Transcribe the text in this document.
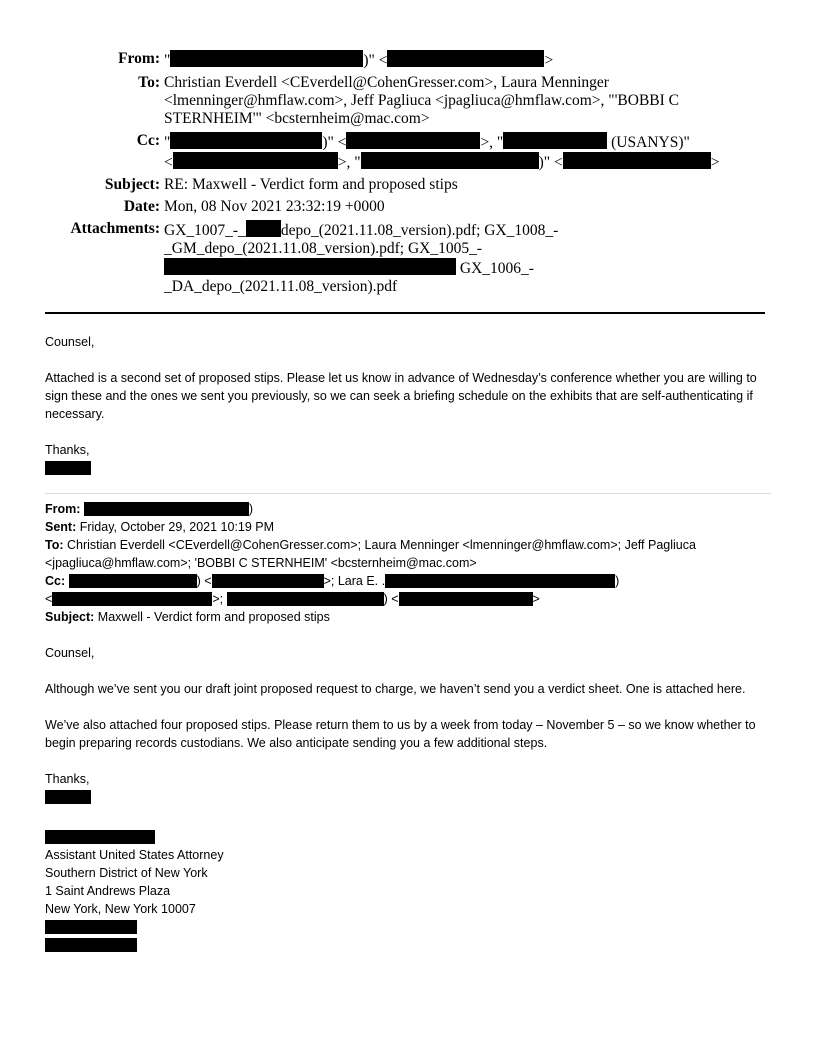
From: "	)" <	>
To: Christian Everdell <CEverdell@CohenGresser.com>, Laura Menninger <lmenninger@hmflaw.com>, Jeff Pagliuca <jpagliuca@hmflaw.com>, "'BOBBI C STERNHEIM'" <bcsternheim@mac.com>
Cc: "	)" <	>, "	(USANYS)"
<	>, "	)" <	>
Subject: RE: Maxwell - Verdict form and proposed stips
Date: Mon, 08 Nov 2021 23:32:19 +0000
Attachments: GX_1007_-_ depo_(2021.11.08_version).pdf; GX_1008_-
_GM_depo_(2021.11.08_version).pdf; GX_1005_-
GX_1006_-
_DA_depo_(2021.11.08_version).pdf

Counsel,

Attached is a second set of proposed stips. Please let us know in advance of Wednesday’s conference whether you are willing to sign these and the ones we sent you previously, so we can seek a briefing schedule on the exhibits that are self-authenticating if necessary.

Thanks,

From:	)

Sent: Friday, October 29, 2021 10:19 PM

To: Christian Everdell <CEverdell@CohenGresser.com>; Laura Menninger <lmenninger@hmflaw.com>; Jeff Pagliuca <jpagliuca@hmflaw.com>; 'BOBBI C STERNHEIM' <bcsternheim@mac.com>

Cc:	) <	>; Lara E. .	)
<	>;	) <	>

Subject: Maxwell - Verdict form and proposed stips

Counsel,

Although we’ve sent you our draft joint proposed request to charge, we haven’t send you a verdict sheet. One is attached here.

We’ve also attached four proposed stips. Please return them to us by a week from today – November 5 – so we know whether to begin preparing records custodians. We also anticipate sending you a few additional steps.

Thanks,

Assistant United States Attorney
Southern District of New York
1 Saint Andrews Plaza
New York, New York 10007
